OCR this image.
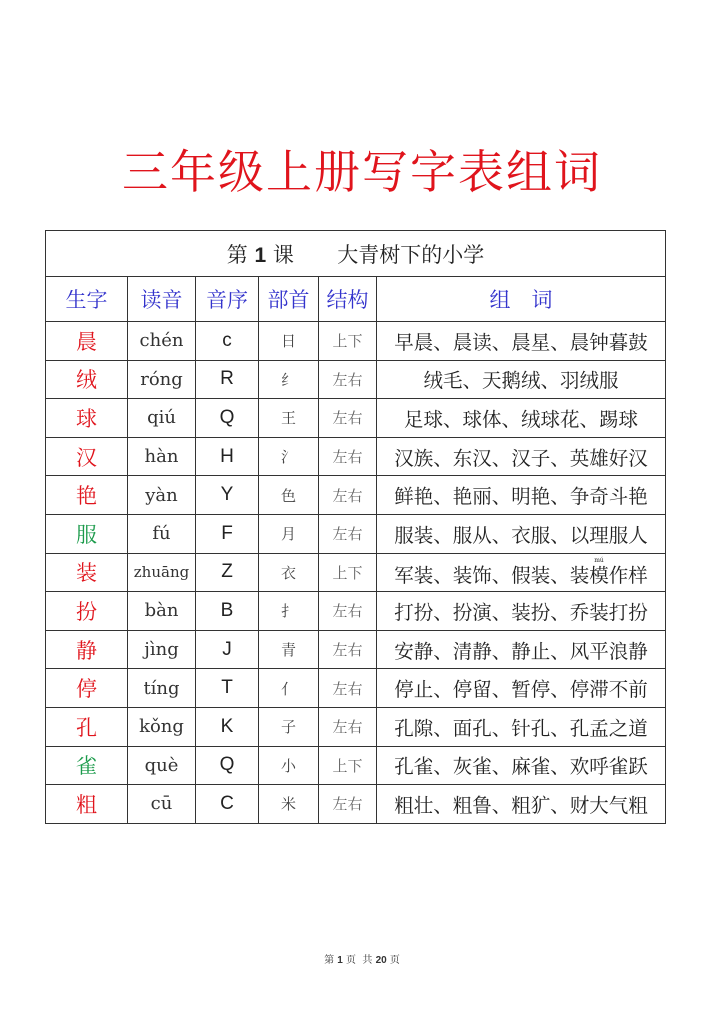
三年级上册写字表组词
第 1 课 大青树下的小学					
生字	读音	音序	部首	结构	组　词
晨	chén	c	日	上下	早晨、晨读、晨星、晨钟暮鼓
绒	róng	R	纟	左右	绒毛、天鹅绒、羽绒服
球	qiú	Q	王	左右	足球、球体、绒球花、踢球
汉	hàn	H	氵	左右	汉族、东汉、汉子、英雄好汉
艳	yàn	Y	色	左右	鲜艳、艳丽、明艳、争奇斗艳
服	fú	F	月	左右	服装、服从、衣服、以理服人
装	zhuāng	Z	衣	上下	军装、装饰、假装、装模mú作样
扮	bàn	B	扌	左右	打扮、扮演、装扮、乔装打扮
静	jìng	J	青	左右	安静、清静、静止、风平浪静
停	tíng	T	亻	左右	停止、停留、暂停、停滞不前
孔	kǒng	K	子	左右	孔隙、面孔、针孔、孔孟之道
雀	què	Q	小	上下	孔雀、灰雀、麻雀、欢呼雀跃
粗	cū	C	米	左右	粗壮、粗鲁、粗犷、财大气粗
第 1 页  共 20 页
